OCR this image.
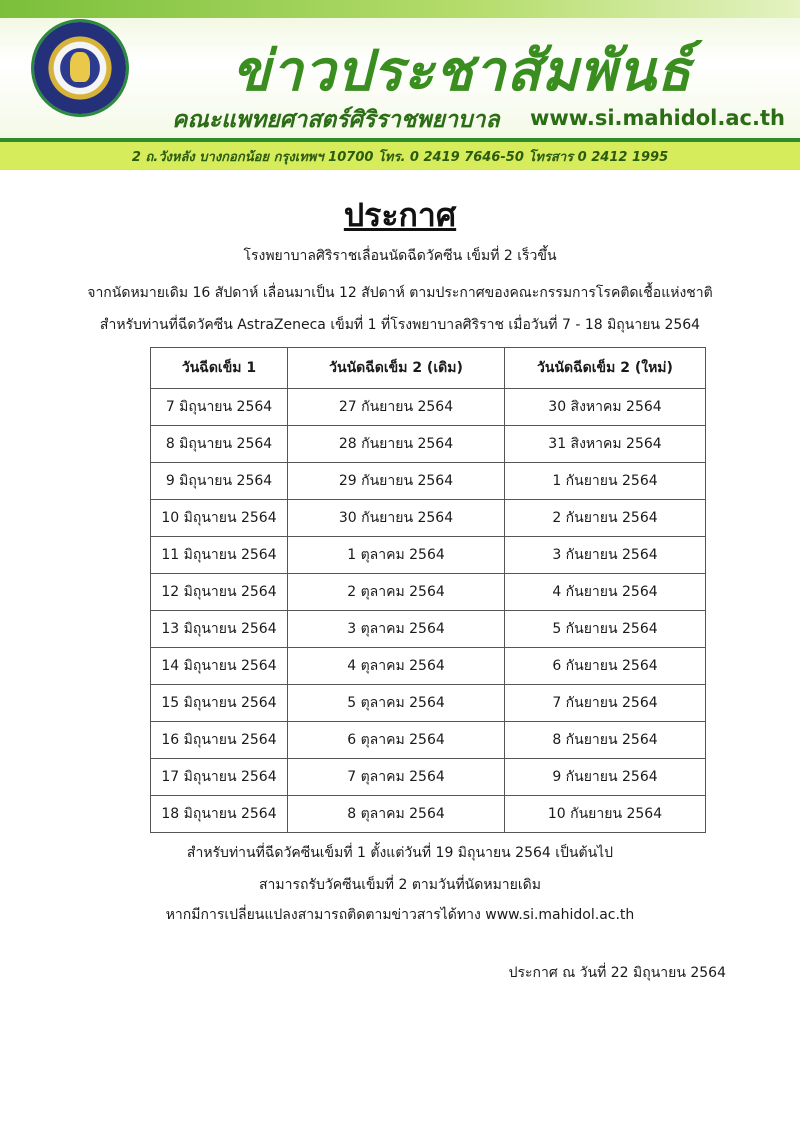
ข่าวประชาสัมพันธ์
คณะแพทยศาสตร์ศิริราชพยาบาล www.si.mahidol.ac.th
2 ถ.วังหลัง บางกอกน้อย กรุงเทพฯ 10700 โทร. 0 2419 7646-50 โทรสาร 0 2412 1995
ประกาศ
โรงพยาบาลศิริราชเลื่อนนัดฉีดวัคซีน เข็มที่ 2 เร็วขึ้น
จากนัดหมายเดิม 16 สัปดาห์ เลื่อนมาเป็น 12 สัปดาห์ ตามประกาศของคณะกรรมการโรคติดเชื้อแห่งชาติ
สำหรับท่านที่ฉีดวัคซีน AstraZeneca เข็มที่ 1 ที่โรงพยาบาลศิริราช เมื่อวันที่ 7 - 18 มิถุนายน 2564
วันฉีดเข็ม 1	วันนัดฉีดเข็ม 2 (เดิม)	วันนัดฉีดเข็ม 2 (ใหม่)
7 มิถุนายน 2564	27 กันยายน 2564	30 สิงหาคม 2564
8 มิถุนายน 2564	28 กันยายน 2564	31 สิงหาคม 2564
9 มิถุนายน 2564	29 กันยายน 2564	1 กันยายน 2564
10 มิถุนายน 2564	30 กันยายน 2564	2 กันยายน 2564
11 มิถุนายน 2564	1 ตุลาคม 2564	3 กันยายน 2564
12 มิถุนายน 2564	2 ตุลาคม 2564	4 กันยายน 2564
13 มิถุนายน 2564	3 ตุลาคม 2564	5 กันยายน 2564
14 มิถุนายน 2564	4 ตุลาคม 2564	6 กันยายน 2564
15 มิถุนายน 2564	5 ตุลาคม 2564	7 กันยายน 2564
16 มิถุนายน 2564	6 ตุลาคม 2564	8 กันยายน 2564
17 มิถุนายน 2564	7 ตุลาคม 2564	9 กันยายน 2564
18 มิถุนายน 2564	8 ตุลาคม 2564	10 กันยายน 2564
สำหรับท่านที่ฉีดวัคซีนเข็มที่ 1 ตั้งแต่วันที่ 19 มิถุนายน 2564 เป็นต้นไป
สามารถรับวัคซีนเข็มที่ 2 ตามวันที่นัดหมายเดิม
หากมีการเปลี่ยนแปลงสามารถติดตามข่าวสารได้ทาง www.si.mahidol.ac.th
ประกาศ ณ วันที่ 22 มิถุนายน 2564
